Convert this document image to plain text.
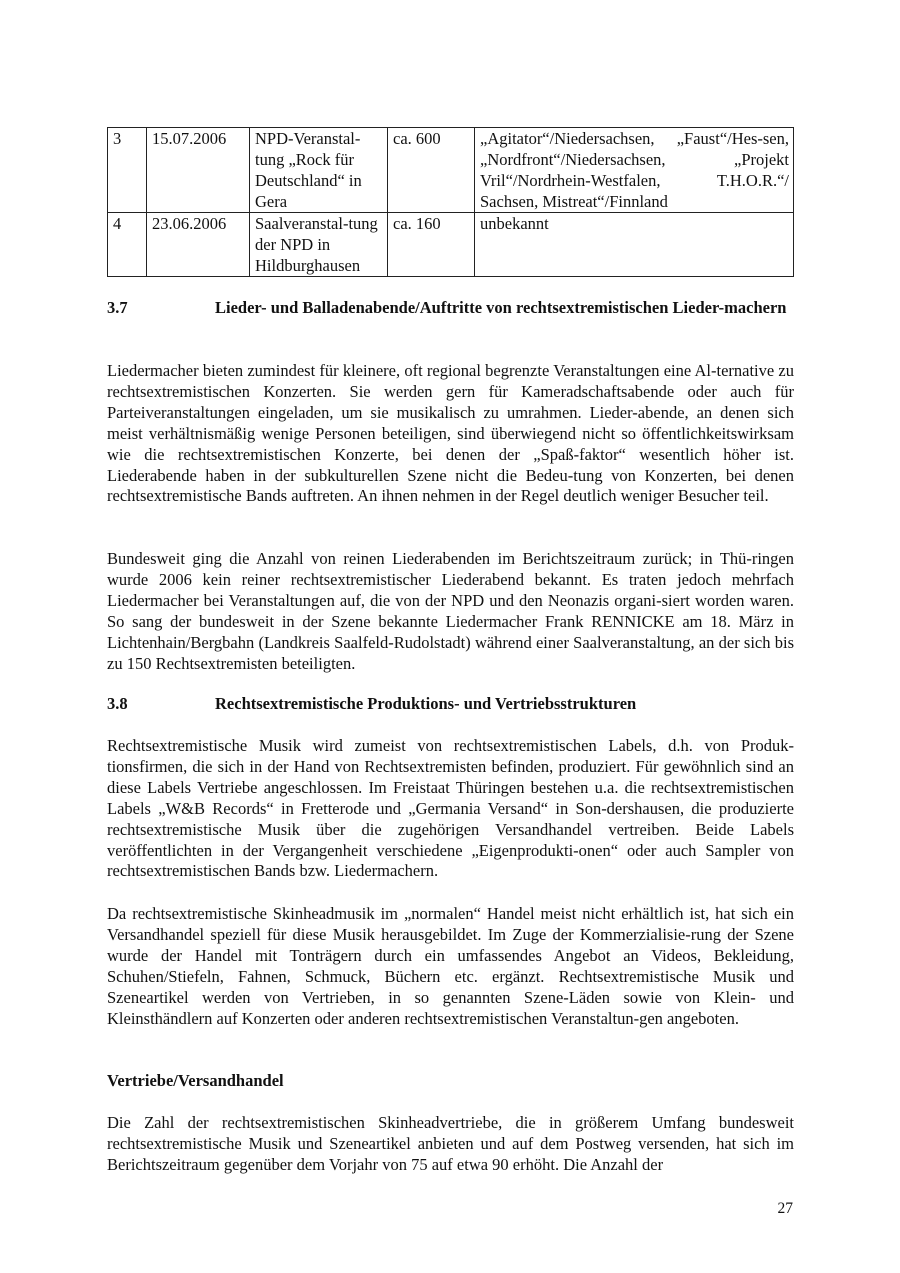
3	15.07.2006	NPD-Veranstal-tung „Rock für Deutschland“ in Gera	ca. 600	„Agitator“/Niedersachsen, „Faust“/Hes-sen, „Nordfront“/Niedersachsen, „Projekt Vril“/Nordrhein-Westfalen, T.H.O.R.“/ Sachsen, Mistreat“/Finnland
4	23.06.2006	Saalveranstal-tung der NPD in Hildburghausen	ca. 160	unbekannt
3.7	Lieder- und Balladenabende/Auftritte von rechtsextremistischen Lieder-machern

Liedermacher bieten zumindest für kleinere, oft regional begrenzte Veranstaltungen eine Al-ternative zu rechtsextremistischen Konzerten. Sie werden gern für Kameradschaftsabende oder auch für Parteiveranstaltungen eingeladen, um sie musikalisch zu umrahmen. Lieder-abende, an denen sich meist verhältnismäßig wenige Personen beteiligen, sind überwiegend nicht so öffentlichkeitswirksam wie die rechtsextremistischen Konzerte, bei denen der „Spaß-faktor“ wesentlich höher ist. Liederabende haben in der subkulturellen Szene nicht die Bedeu-tung von Konzerten, bei denen rechtsextremistische Bands auftreten. An ihnen nehmen in der Regel deutlich weniger Besucher teil.

Bundesweit ging die Anzahl von reinen Liederabenden im Berichtszeitraum zurück; in Thü-ringen wurde 2006 kein reiner rechtsextremistischer Liederabend bekannt. Es traten jedoch mehrfach Liedermacher bei Veranstaltungen auf, die von der NPD und den Neonazis organi-siert worden waren. So sang der bundesweit in der Szene bekannte Liedermacher Frank RENNICKE am 18. März in Lichtenhain/Bergbahn (Landkreis Saalfeld-Rudolstadt) während einer Saalveranstaltung, an der sich bis zu 150 Rechtsextremisten beteiligten.

3.8	Rechtsextremistische Produktions- und Vertriebsstrukturen

Rechtsextremistische Musik wird zumeist von rechtsextremistischen Labels, d.h. von Produk-tionsfirmen, die sich in der Hand von Rechtsextremisten befinden, produziert. Für gewöhnlich sind an diese Labels Vertriebe angeschlossen. Im Freistaat Thüringen bestehen u.a. die rechtsextremistischen Labels „W&B Records“ in Fretterode und „Germania Versand“ in Son-dershausen, die produzierte rechtsextremistische Musik über die zugehörigen Versandhandel vertreiben. Beide Labels veröffentlichten in der Vergangenheit verschiedene „Eigenprodukti-onen“ oder auch Sampler von rechtsextremistischen Bands bzw. Liedermachern.

Da rechtsextremistische Skinheadmusik im „normalen“ Handel meist nicht erhältlich ist, hat sich ein Versandhandel speziell für diese Musik herausgebildet. Im Zuge der Kommerzialisie-rung der Szene wurde der Handel mit Tonträgern durch ein umfassendes Angebot an Videos, Bekleidung, Schuhen/Stiefeln, Fahnen, Schmuck, Büchern etc. ergänzt. Rechtsextremistische Musik und Szeneartikel werden von Vertrieben, in so genannten Szene-Läden sowie von Klein- und Kleinsthändlern auf Konzerten oder anderen rechtsextremistischen Veranstaltun-gen angeboten.

Vertriebe/Versandhandel

Die Zahl der rechtsextremistischen Skinheadvertriebe, die in größerem Umfang bundesweit rechtsextremistische Musik und Szeneartikel anbieten und auf dem Postweg versenden, hat sich im Berichtszeitraum gegenüber dem Vorjahr von 75 auf etwa 90 erhöht. Die Anzahl der

27
